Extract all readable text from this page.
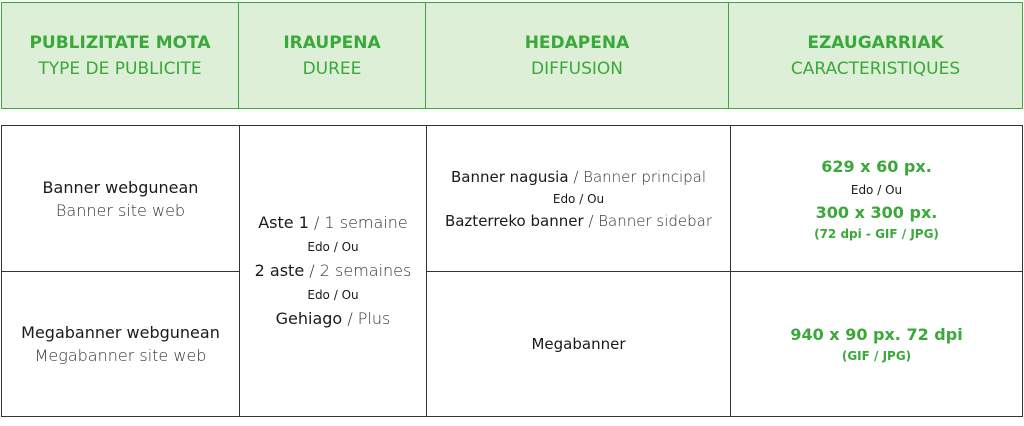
PUBLIZITATE MOTA
TYPE DE PUBLICITE
IRAUPENA
DUREE
HEDAPENA
DIFFUSION
EZAUGARRIAK
CARACTERISTIQUES
Banner webgunean
Banner site web
Aste 1 / 1 semaine
Edo / Ou
2 aste / 2 semaines
Edo / Ou
Gehiago / Plus
Banner nagusia / Banner principal
Edo / Ou
Bazterreko banner / Banner sidebar
629 x 60 px.
Edo / Ou
300 x 300 px.
(72 dpi - GIF / JPG)
Megabanner webgunean
Megabanner site web
Megabanner	940 x 90 px. 72 dpi
(GIF / JPG)
